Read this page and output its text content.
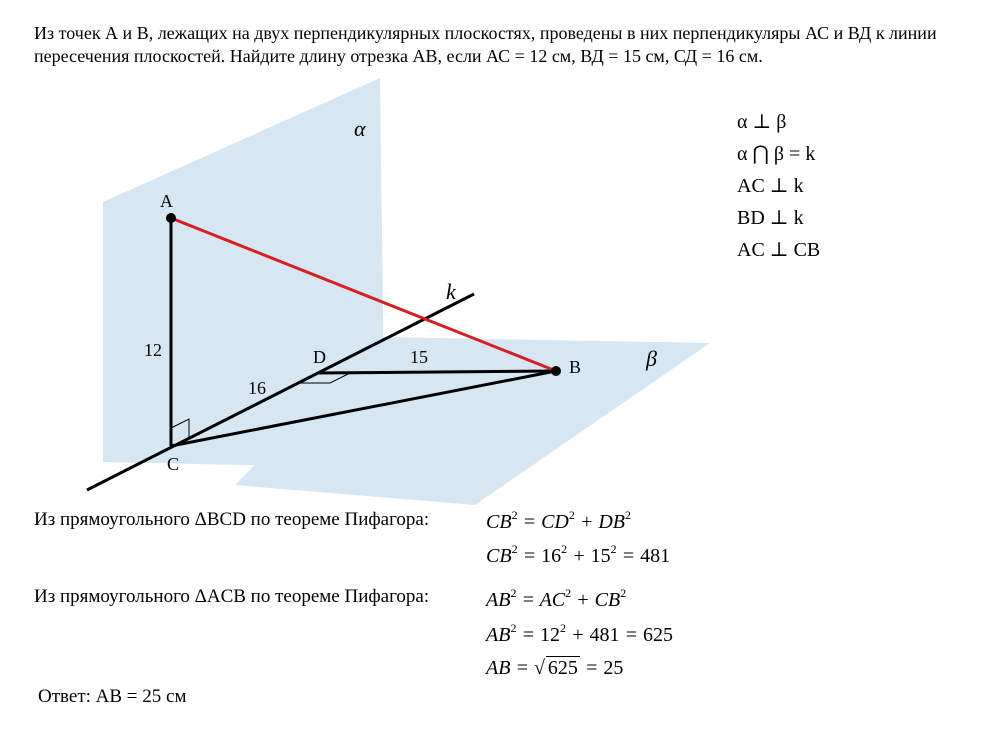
Из точек А и В, лежащих на двух перпендикулярных плоскостях, проведены в них перпендикуляры АС и ВД к линии пересечения плоскостей. Найдите длину отрезка АВ, если АС = 12 см, ВД = 15 см, СД = 16 см.
α
β
k
A
B
C
D
12
16
15
α ⊥ β
α ⋂ β = k
AC ⊥ k
BD ⊥ k
AC ⊥ CB
Из прямоугольного ΔBCD по теореме Пифагора:	$CB^2 = CD^2 + DB^2$
$CB^2 = 16^2 + 15^2 = 481$
Из прямоугольного ΔACB по теореме Пифагора:	$AB^2 = AC^2 + CB^2$
$AB^2 = 12^2 + 481 = 625$
AB = √ 625 = 25
Ответ: АВ = 25 см
